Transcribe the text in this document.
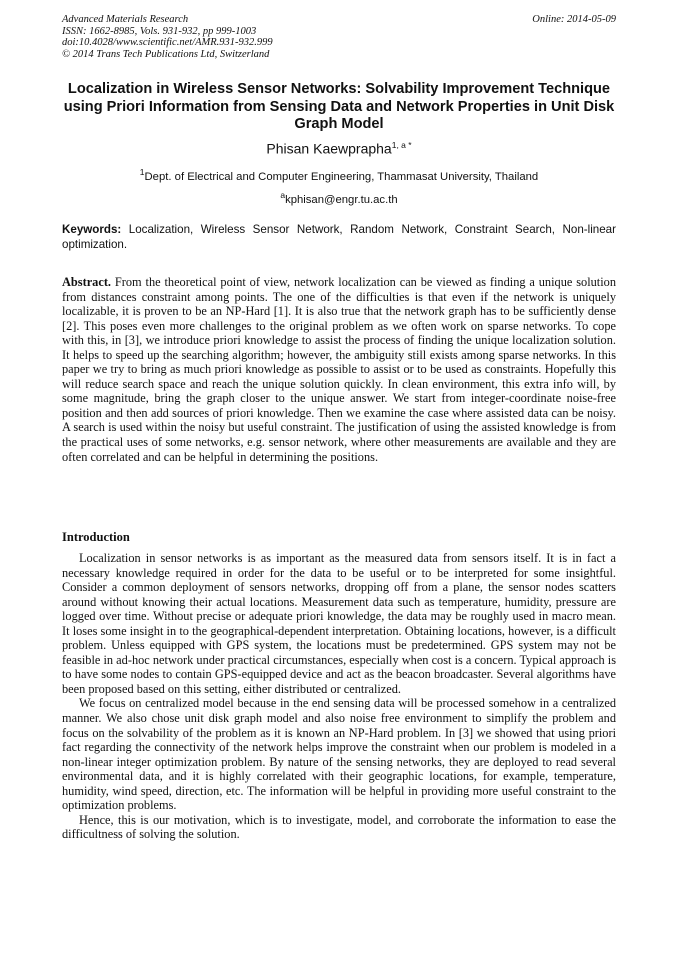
Advanced Materials Research
ISSN: 1662-8985, Vols. 931-932, pp 999-1003
doi:10.4028/www.scientific.net/AMR.931-932.999
© 2014 Trans Tech Publications Ltd, Switzerland
Online: 2014-05-09
Localization in Wireless Sensor Networks: Solvability Improvement Technique using Priori Information from Sensing Data and Network Properties in Unit Disk Graph Model
Phisan Kaewprapha$^{1, a *}$
$^1$Dept. of Electrical and Computer Engineering, Thammasat University, Thailand
$^a$kphisan@engr.tu.ac.th

Keywords: Localization, Wireless Sensor Network, Random Network, Constraint Search, Non-linear optimization.

Abstract. From the theoretical point of view, network localization can be viewed as finding a unique solution from distances constraint among points. The one of the difficulties is that even if the network is uniquely localizable, it is proven to be an NP-Hard [1]. It is also true that the network graph has to be sufficiently dense [2]. This poses even more challenges to the original problem as we often work on sparse networks. To cope with this, in [3], we introduce priori knowledge to assist the process of finding the unique localization solution. It helps to speed up the searching algorithm; however, the ambiguity still exists among sparse networks. In this paper we try to bring as much priori knowledge as possible to assist or to be used as constraints. Hopefully this will reduce search space and reach the unique solution quickly. In clean environment, this extra info will, by some magnitude, bring the graph closer to the unique answer. We start from integer-coordinate noise-free position and then add sources of priori knowledge. Then we examine the case where assisted data can be noisy. A search is used within the noisy but useful constraint. The justification of using the assisted knowledge is from the practical uses of some networks, e.g. sensor network, where other measurements are available and they are often correlated and can be helpful in determining the positions.

Introduction

Localization in sensor networks is as important as the measured data from sensors itself. It is in fact a necessary knowledge required in order for the data to be useful or to be interpreted for some insightful. Consider a common deployment of sensors networks, dropping off from a plane, the sensor nodes scatters around without knowing their actual locations. Measurement data such as temperature, humidity, pressure are logged over time. Without precise or adequate priori knowledge, the data may be roughly used in macro mean. It loses some insight in to the geographical-dependent interpretation. Obtaining locations, however, is a difficult problem. Unless equipped with GPS system, the locations must be predetermined. GPS system may not be feasible in ad-hoc network under practical circumstances, especially when cost is a concern. Typical approach is to have some nodes to contain GPS-equipped device and act as the beacon broadcaster. Several algorithms have been proposed based on this setting, either distributed or centralized.

We focus on centralized model because in the end sensing data will be processed somehow in a centralized manner. We also chose unit disk graph model and also noise free environment to simplify the problem and focus on the solvability of the problem as it is known an NP-Hard problem. In [3] we showed that using priori fact regarding the connectivity of the network helps improve the constraint when our problem is modeled in a non-linear integer optimization problem. By nature of the sensing networks, they are deployed to read several environmental data, and it is highly correlated with their geographic locations, for example, temperature, humidity, wind speed, direction, etc. The information will be helpful in providing more useful constraint to the optimization problems.

Hence, this is our motivation, which is to investigate, model, and corroborate the information to ease the difficultness of solving the solution.
